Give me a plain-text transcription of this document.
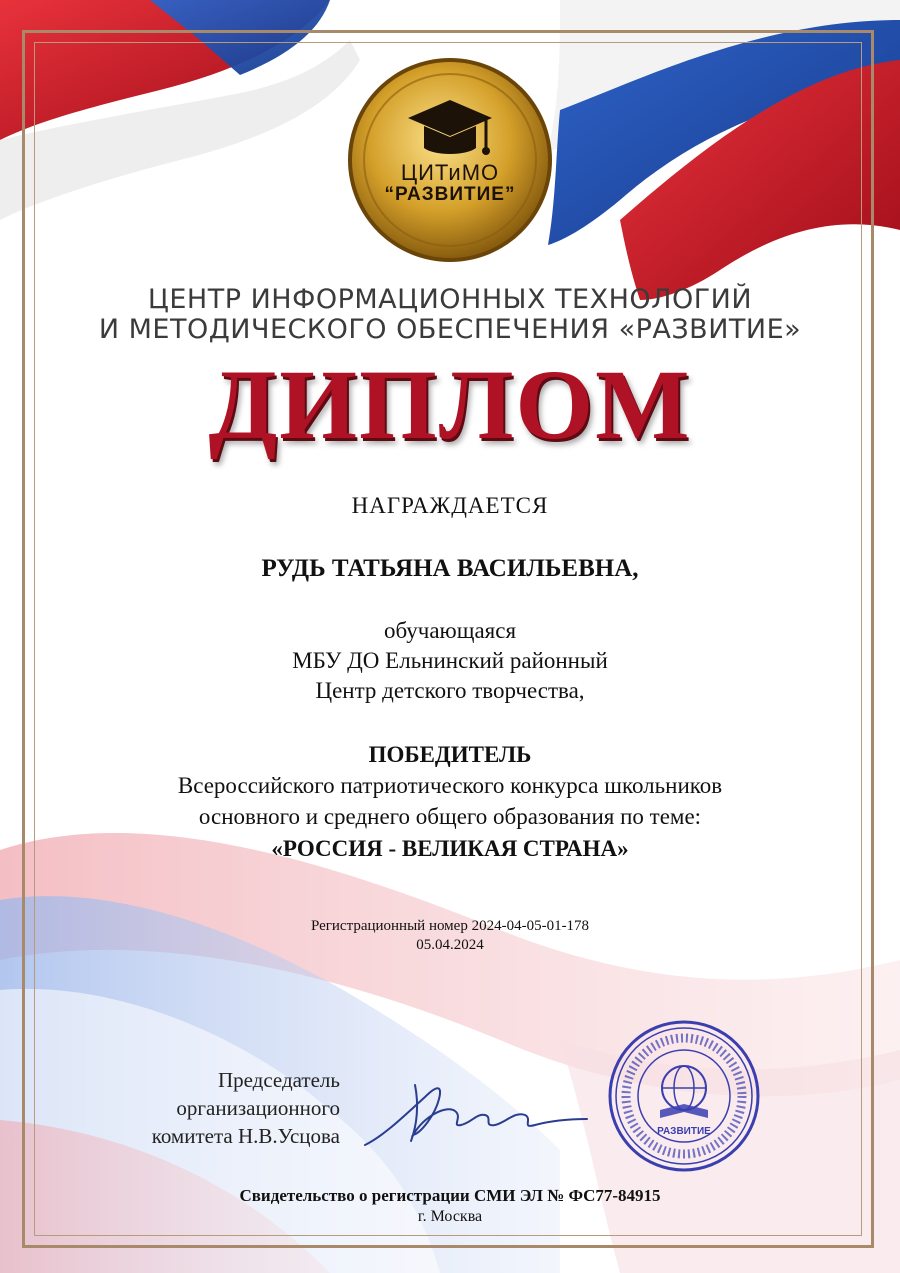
ЦИТиМО
“РАЗВИТИЕ”
ЦЕНТР ИНФОРМАЦИОННЫХ ТЕХНОЛОГИЙ
И МЕТОДИЧЕСКОГО ОБЕСПЕЧЕНИЯ «РАЗВИТИЕ»
ДИПЛОМ
НАГРАЖДАЕТСЯ
РУДЬ ТАТЬЯНА ВАСИЛЬЕВНА,
обучающаяся
МБУ ДО Ельнинский районный
Центр детского творчества,
ПОБЕДИТЕЛЬ
Всероссийского патриотического конкурса школьников
основного и среднего общего образования по теме:
«РОССИЯ - ВЕЛИКАЯ СТРАНА»
Регистрационный номер 2024-04-05-01-178
05.04.2024
Председатель
организационного
комитета Н.В.Усцова	РАЗВИТИЕ
Свидетельство о регистрации СМИ ЭЛ № ФС77-84915
г. Москва
